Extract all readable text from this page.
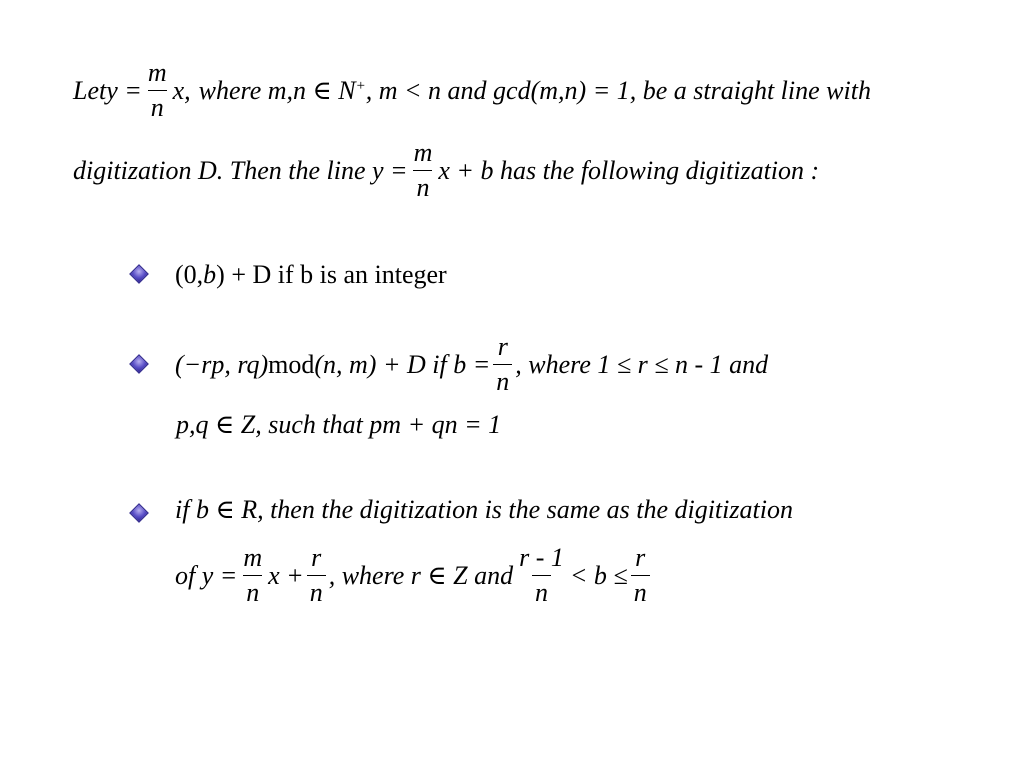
Let $y = \frac{m}{n} x$, where m,n ∈ N+ , m < n and gcd(m,n) = 1, be a straight line with
digitization D. Then the line $y = \frac{m}{n}$ x + b has the following digitization :
(0, b ) + D if b is an integer
(−rp, rq) mod (n, m) + D if $b = \frac{r}{n}$ , where 1 ≤ r ≤ n - 1 and
p,q ∈ Z, such that pm + qn = 1
if b ∈ R, then the digitization is the same as the digitization
of $y = \frac{m}{n}$ $x + \frac{r}{n}$ , where r ∈ Z and $\frac{r - 1}{n} < b \le \frac{r}{n}$
